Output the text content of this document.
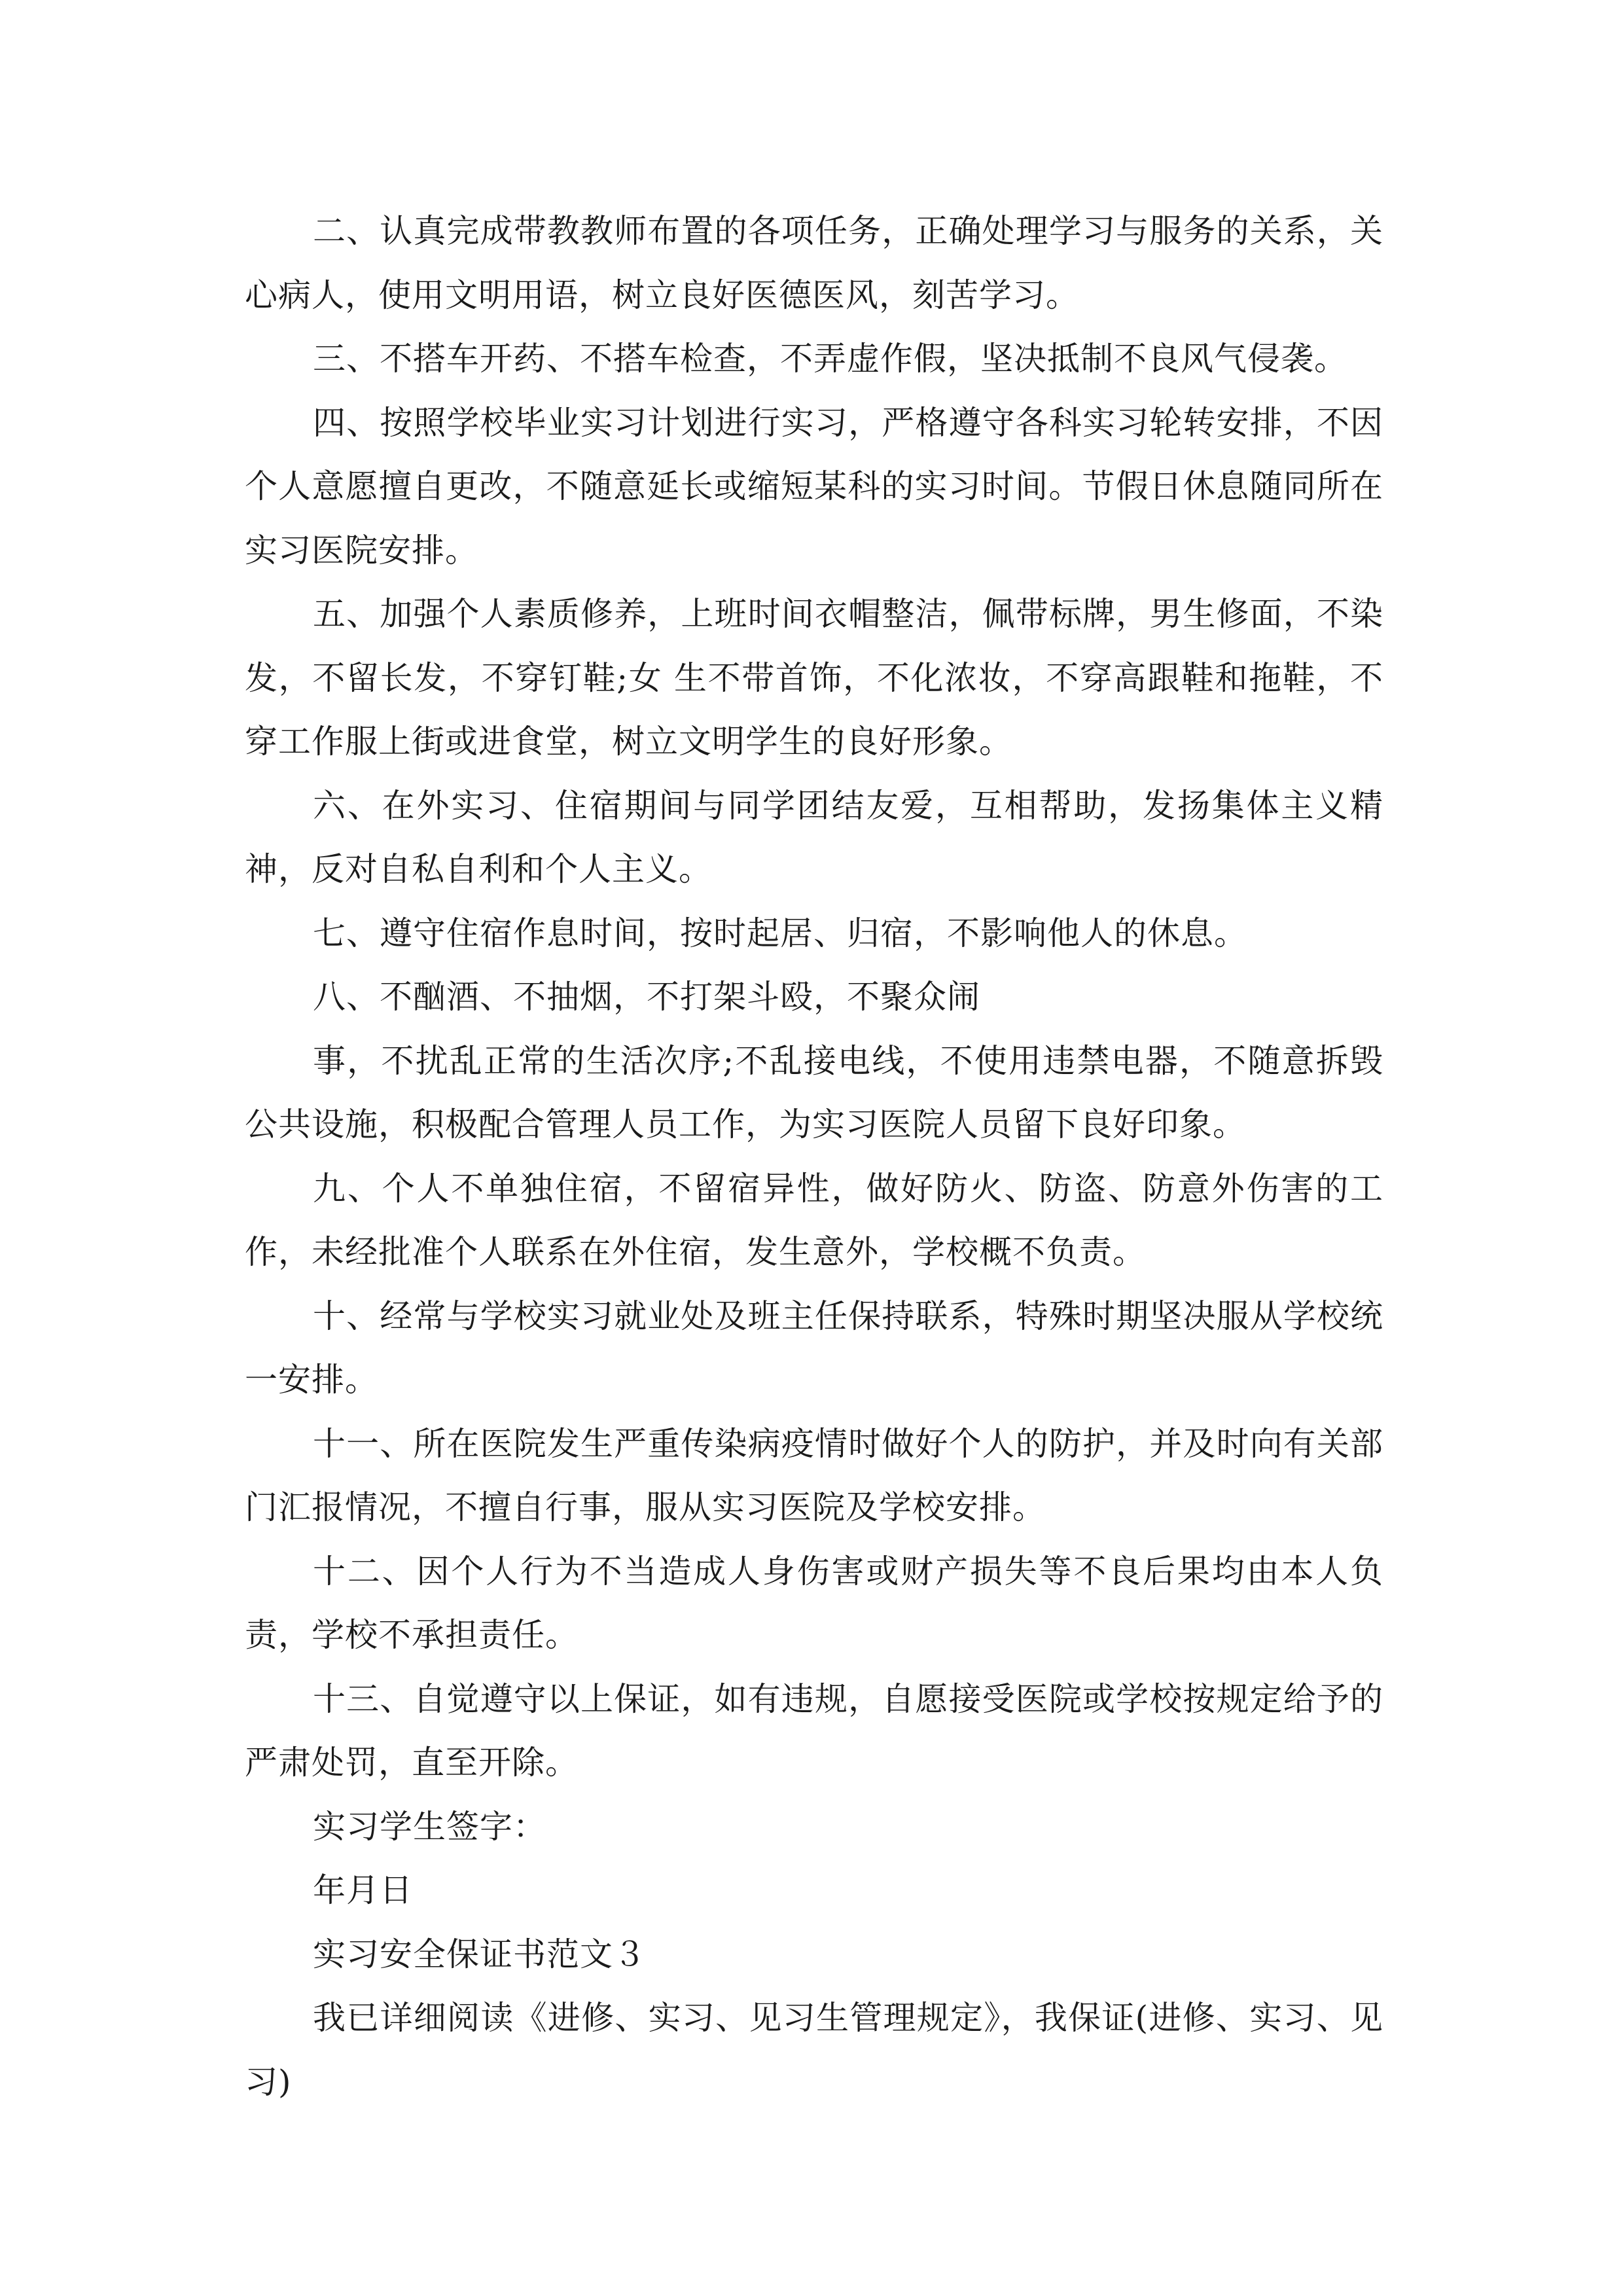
二、认真完成带教教师布置的各项任务，正确处理学习与服务的关系，关心病人，使用文明用语，树立良好医德医风，刻苦学习。

三、不搭车开药、不搭车检查，不弄虚作假，坚决抵制不良风气侵袭。

四、按照学校毕业实习计划进行实习，严格遵守各科实习轮转安排，不因个人意愿擅自更改，不随意延长或缩短某科的实习时间。节假日休息随同所在实习医院安排。

五、加强个人素质修养，上班时间衣帽整洁，佩带标牌，男生修面，不染发，不留长发，不穿钉鞋;女 生不带首饰，不化浓妆，不穿高跟鞋和拖鞋，不穿工作服上街或进食堂，树立文明学生的良好形象。

六、在外实习、住宿期间与同学团结友爱，互相帮助，发扬集体主义精神，反对自私自利和个人主义。

七、遵守住宿作息时间，按时起居、归宿，不影响他人的休息。

八、不酗酒、不抽烟，不打架斗殴，不聚众闹

事，不扰乱正常的生活次序;不乱接电线，不使用违禁电器，不随意拆毁公共设施，积极配合管理人员工作，为实习医院人员留下良好印象。

九、个人不单独住宿，不留宿异性，做好防火、防盗、防意外伤害的工作，未经批准个人联系在外住宿，发生意外，学校概不负责。

十、经常与学校实习就业处及班主任保持联系，特殊时期坚决服从学校统一安排。

十一、所在医院发生严重传染病疫情时做好个人的防护，并及时向有关部门汇报情况，不擅自行事，服从实习医院及学校安排。

十二、因个人行为不当造成人身伤害或财产损失等不良后果均由本人负责，学校不承担责任。

十三、自觉遵守以上保证，如有违规，自愿接受医院或学校按规定给予的严肃处罚，直至开除。

实习学生签字：

年月日

实习安全保证书范文３

我已详细阅读《进修、实习、见习生管理规定》，我保证(进修、实习、见习)
